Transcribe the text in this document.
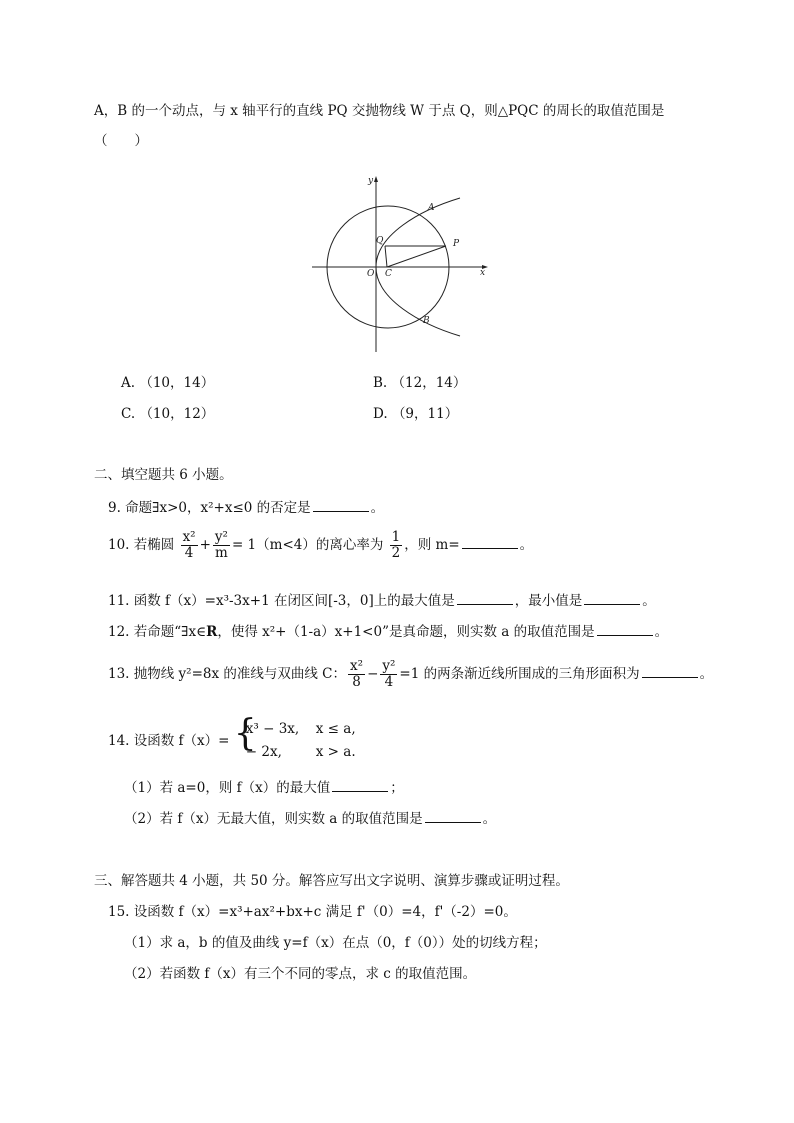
A，B 的一个动点，与 x 轴平行的直线 PQ 交抛物线 W 于点 Q，则△PQC 的周长的取值范围是
（　　）
y
x
A
B
P
Q
O C
A. （10，14）	B. （12，14）
C. （10，12）	D. （9，11）
二、填空题共 6 小题。
9. 命题∃x>0，x²+x≤0 的否定是	。
10. 若椭圆 $\frac{\text{x²}}{4} + \frac{\text{y²}}{m} = 1(m<4)$的离心率为 $\frac{1}{2}$ ，则 m=	。
11. 函数 f（x）=x³-3x+1 在闭区间[-3，0]上的最大值是	，最小值是	。
12. 若命题“∃x∈R，使得 x²+（1-a）x+1<0”是真命题，则实数 a 的取值范围是	。
13. 抛物线 y²=8x 的准线与双曲线 C： $\frac{\text{x²}}{8} - \frac{\text{y²}}{4} =1$ 的两条渐近线所围成的三角形面积为	。
14. 设函数 f（x）= {
x³ − 3x, x ≤ a,
− 2x,	x > a.
（1）若 a=0，则 f（x）的最大值	；
（2）若 f（x）无最大值，则实数 a 的取值范围是	。
三、解答题共 4 小题，共 50 分。解答应写出文字说明、演算步骤或证明过程。
15. 设函数 f（x）=x³+ax²+bx+c 满足 f'（0）=4，f'（-2）=0。
（1）求 a，b 的值及曲线 y=f（x）在点（0，f（0））处的切线方程；
（2）若函数 f（x）有三个不同的零点，求 c 的取值范围。
